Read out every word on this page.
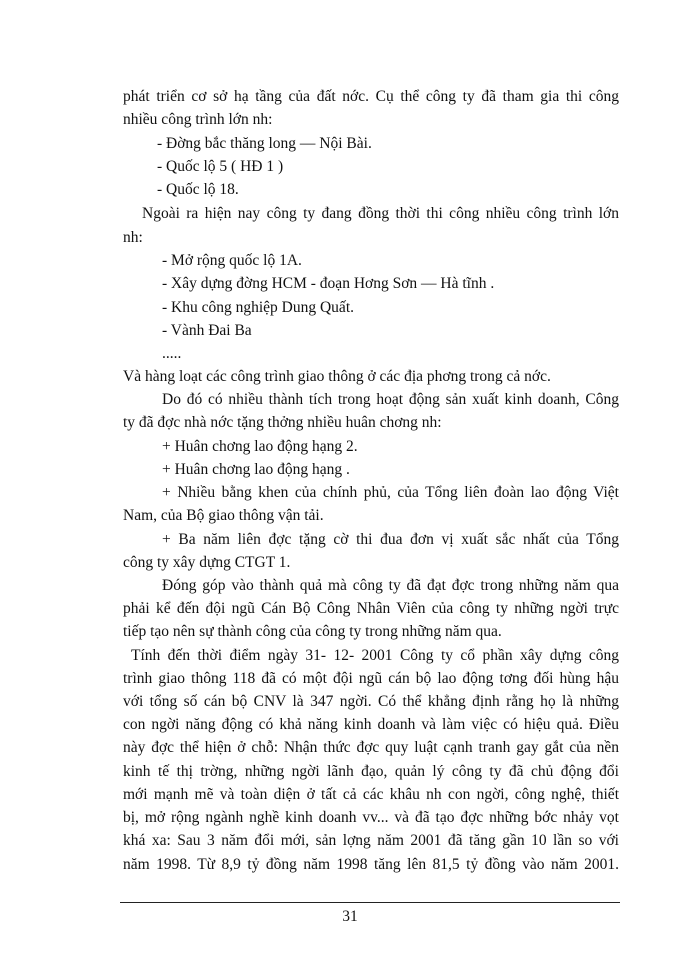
phát triển cơ sở hạ tầng của đất nớc. Cụ thể công ty đã tham gia thi công
nhiều công trình lớn nh:
- Đờng bắc thăng long — Nội Bài.
- Quốc lộ 5 ( HĐ 1 )
- Quốc lộ 18.
Ngoài ra hiện nay công ty đang đồng thời thi công nhiều công trình lớn
nh:
- Mở rộng quốc lộ 1A.
- Xây dựng đờng HCM - đoạn Hơng Sơn — Hà tĩnh .
- Khu công nghiệp Dung Quất.
- Vành Đai Ba
.....
Và hàng loạt các công trình giao thông ở các địa phơng trong cả nớc.
Do đó có nhiều thành tích trong hoạt động sản xuất kinh doanh, Công
ty đã đợc nhà nớc tặng thởng nhiều huân chơng nh:
+ Huân chơng lao động hạng 2.
+ Huân chơng lao động hạng .
+ Nhiều bằng khen của chính phủ, của Tổng liên đoàn lao động Việt
Nam, của Bộ giao thông vận tải.
+ Ba năm liên đợc tặng cờ thi đua đơn vị xuất sắc nhất của Tổng
công ty xây dựng CTGT 1.
Đóng góp vào thành quả mà công ty đã đạt đợc trong những năm qua
phải kể đến đội ngũ Cán Bộ Công Nhân Viên của công ty những ngời trực
tiếp tạo nên sự thành công của công ty trong những năm qua.
Tính đến thời điểm ngày 31- 12- 2001 Công ty cổ phần xây dựng công
trình giao thông 118 đã có một đội ngũ cán bộ lao động tơng đối hùng hậu
với tổng số cán bộ CNV là 347 ngời. Có thể khẳng định rằng họ là những
con ngời năng động có khả năng kinh doanh và làm việc có hiệu quả. Điều
này đợc thể hiện ở chỗ: Nhận thức đợc quy luật cạnh tranh gay gắt của nền
kinh tế thị trờng, những ngời lãnh đạo, quản lý công ty đã chủ động đổi
mới mạnh mẽ và toàn diện ở tất cả các khâu nh con ngời, công nghệ, thiết
bị, mở rộng ngành nghề kinh doanh vv... và đã tạo đợc những bớc nhảy vọt
khá xa: Sau 3 năm đổi mới, sản lợng năm 2001 đã tăng gần 10 lần so với
năm 1998. Từ 8,9 tỷ đồng năm 1998 tăng lên 81,5 tỷ đồng vào năm 2001.
31
